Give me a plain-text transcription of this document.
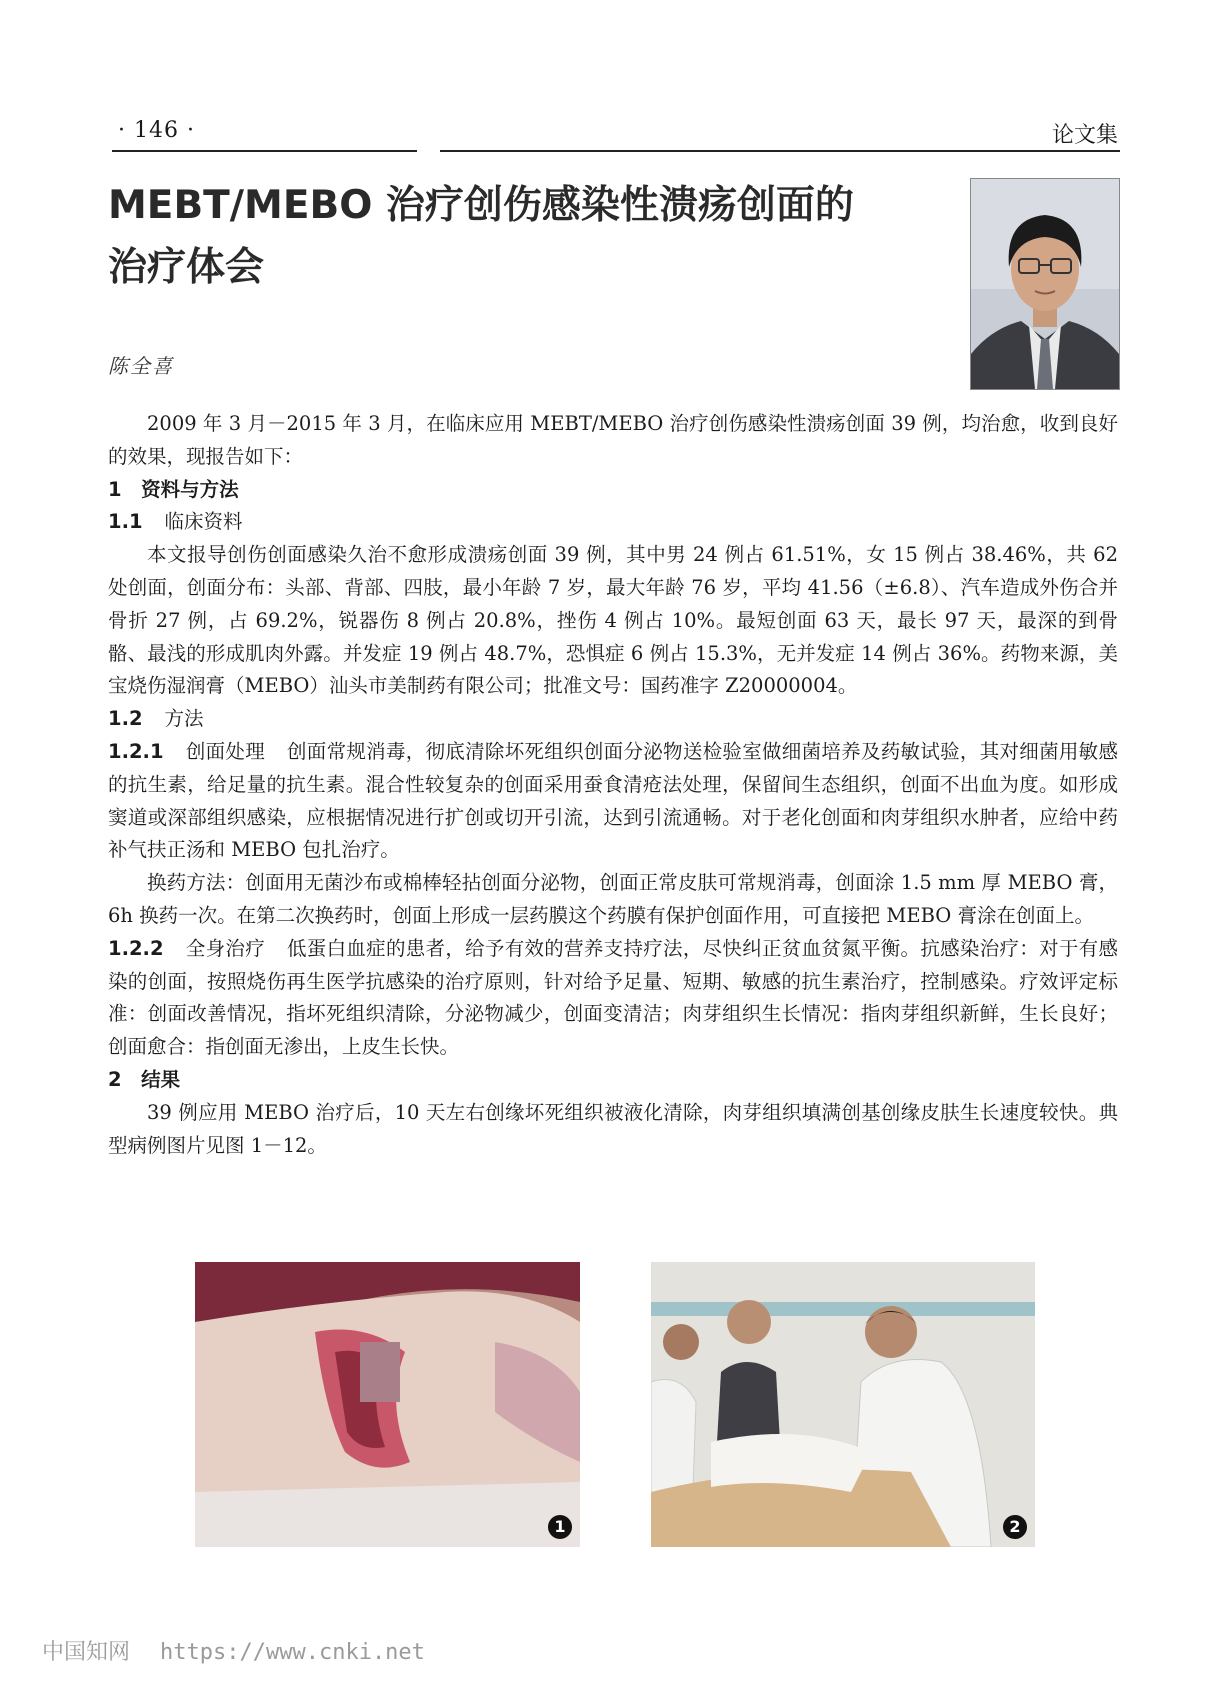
· 146 ·	论文集
MEBT/MEBO 治疗创伤感染性溃疡创面的
治疗体会
陈全喜

2009 年 3 月－2015 年 3 月，在临床应用 MEBT/MEBO 治疗创伤感染性溃疡创面 39 例，均治愈，收到良好的效果，现报告如下：

1　资料与方法

1.1 临床资料

本文报导创伤创面感染久治不愈形成溃疡创面 39 例，其中男 24 例占 61.51%，女 15 例占 38.46%，共 62 处创面，创面分布：头部、背部、四肢，最小年龄 7 岁，最大年龄 76 岁，平均 41.56（±6.8）、汽车造成外伤合并骨折 27 例，占 69.2%，锐器伤 8 例占 20.8%，挫伤 4 例占 10%。最短创面 63 天，最长 97 天，最深的到骨骼、最浅的形成肌肉外露。并发症 19 例占 48.7%，恐惧症 6 例占 15.3%，无并发症 14 例占 36%。药物来源，美宝烧伤湿润膏（MEBO）汕头市美制药有限公司；批准文号：国药准字 Z20000004。

1.2 方法

1.2.1 创面处理 创面常规消毒，彻底清除坏死组织创面分泌物送检验室做细菌培养及药敏试验，其对细菌用敏感的抗生素，给足量的抗生素。混合性较复杂的创面采用蚕食清疮法处理，保留间生态组织，创面不出血为度。如形成窦道或深部组织感染，应根据情况进行扩创或切开引流，达到引流通畅。对于老化创面和肉芽组织水肿者，应给中药补气扶正汤和 MEBO 包扎治疗。

换药方法：创面用无菌沙布或棉棒轻拈创面分泌物，创面正常皮肤可常规消毒，创面涂 1.5 mm 厚 MEBO 膏，6h 换药一次。在第二次换药时，创面上形成一层药膜这个药膜有保护创面作用，可直接把 MEBO 膏涂在创面上。

1.2.2 全身治疗 低蛋白血症的患者，给予有效的营养支持疗法，尽快纠正贫血贫氮平衡。抗感染治疗：对于有感染的创面，按照烧伤再生医学抗感染的治疗原则，针对给予足量、短期、敏感的抗生素治疗，控制感染。疗效评定标准：创面改善情况，指坏死组织清除，分泌物减少，创面变清洁；肉芽组织生长情况：指肉芽组织新鲜，生长良好；创面愈合：指创面无渗出，上皮生长快。

2　结果

39 例应用 MEBO 治疗后，10 天左右创缘坏死组织被液化清除，肉芽组织填满创基创缘皮肤生长速度较快。典型病例图片见图 1－12。

1	2
中国知网 https://www.cnki.net
